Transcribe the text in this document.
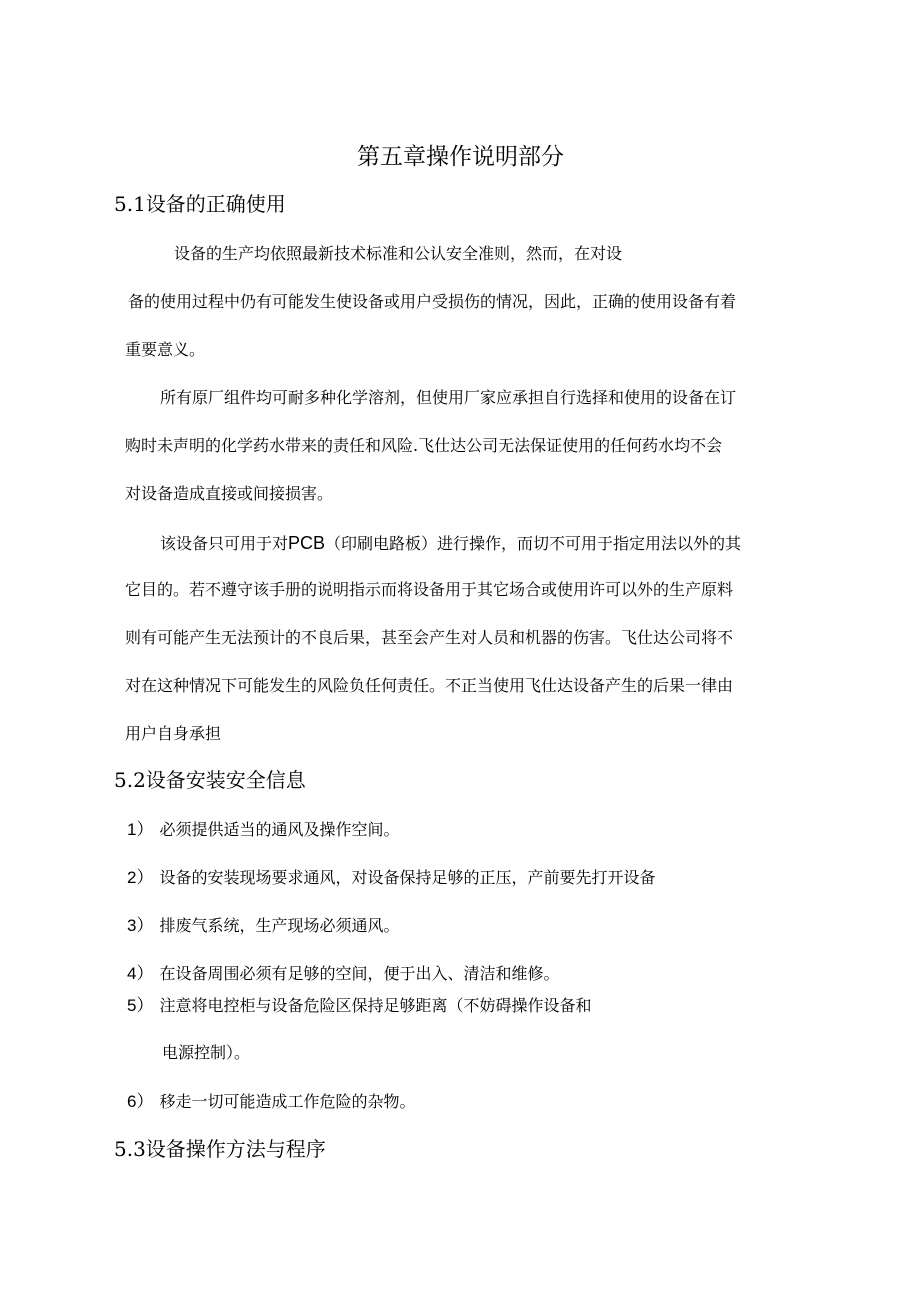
第五章操作说明部分
5.1设备的正确使用
设备的生产均依照最新技术标准和公认安全准则，然而，在对设
备的使用过程中仍有可能发生使设备或用户受损伤的情况，因此，正确的使用设备有着
重要意义。
所有原厂组件均可耐多种化学溶剂，但使用厂家应承担自行选择和使用的设备在订
购时未声明的化学药水带来的责任和风险.飞仕达公司无法保证使用的任何药水均不会
对设备造成直接或间接损害。
该设备只可用于对PCB（印刷电路板）进行操作，而切不可用于指定用法以外的其
它目的。若不遵守该手册的说明指示而将设备用于其它场合或使用许可以外的生产原料
则有可能产生无法预计的不良后果，甚至会产生对人员和机器的伤害。飞仕达公司将不
对在这种情况下可能发生的风险负任何责任。不正当使用飞仕达设备产生的后果一律由
用户自身承担
5.2设备安装安全信息
1） 必须提供适当的通风及操作空间。
2） 设备的安装现场要求通风，对设备保持足够的正压，产前要先打开设备
3） 排废气系统，生产现场必须通风。
4） 在设备周围必须有足够的空间，便于出入、清洁和维修。
5） 注意将电控柜与设备危险区保持足够距离（不妨碍操作设备和
电源控制）。
6） 移走一切可能造成工作危险的杂物。
5.3设备操作方法与程序
